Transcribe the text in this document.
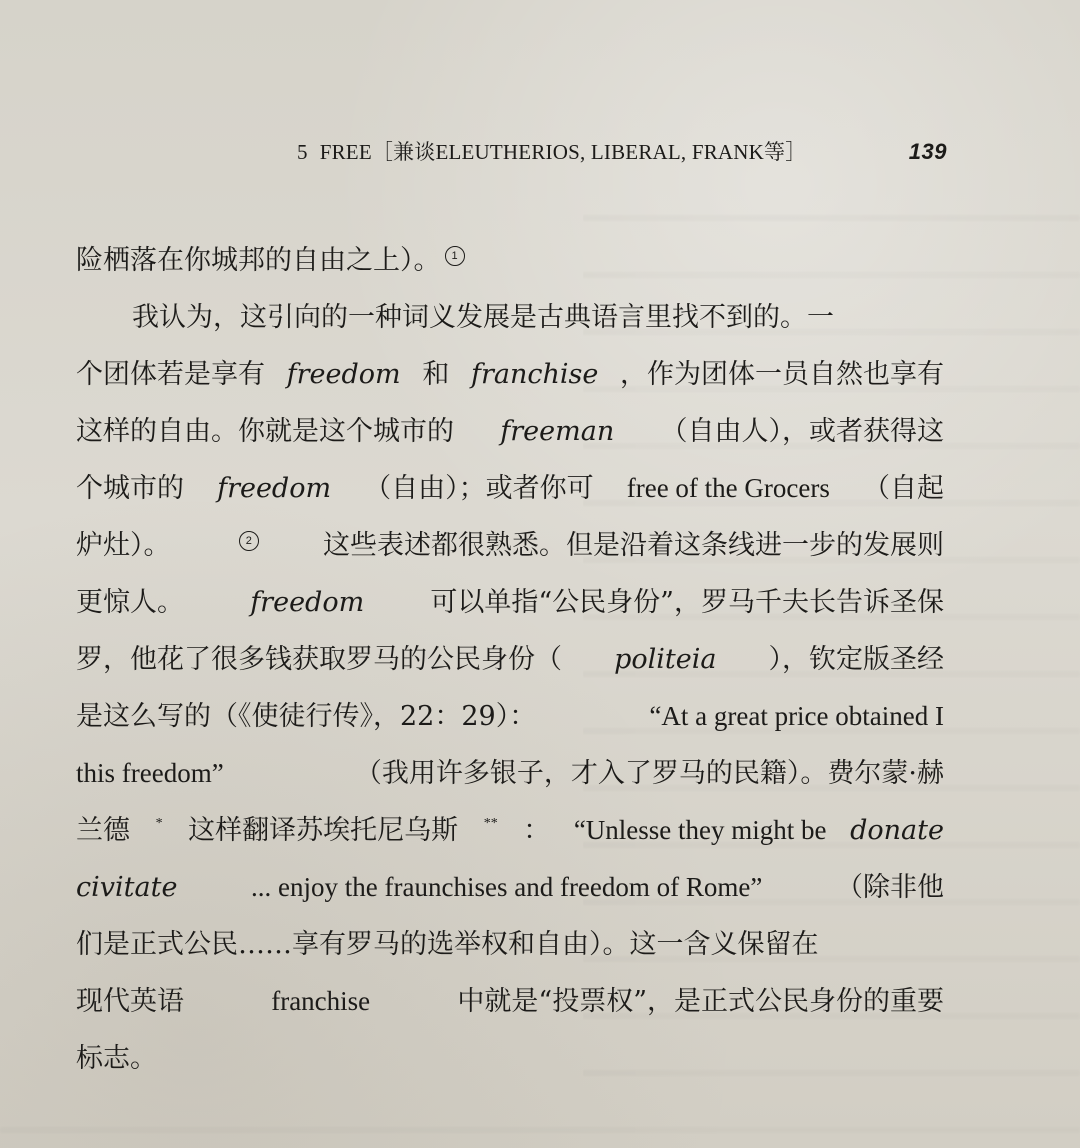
5 FREE［兼谈ELEUTHERIOS, LIBERAL, FRANK等］	139
险栖落在你城邦的自由之上）。 1
我认为，这引向的一种词义发展是古典语言里找不到的。一
个团体若是享有 freedom 和 franchise ，作为团体一员自然也享有
这样的自由。你就是这个城市的 freeman （自由人），或者获得这
个城市的 freedom （自由）；或者你可 free of the Grocers （自起
炉灶）。	2	这些表述都很熟悉。但是沿着这条线进一步的发展则
更惊人。 freedom 可以单指“公民身份”，罗马千夫长告诉圣保
罗，他花了很多钱获取罗马的公民身份（ politeia ），钦定版圣经
是这么写的（《使徒行传》，22：29）：	“At a great price obtained I
this freedom”	（我用许多银子，才入了罗马的民籍）。费尔蒙·赫
兰德 * 这样翻译苏埃托尼乌斯 ** ： “Unlesse they might be donate
civitate	... enjoy the fraunchises and freedom of Rome”	（除非他
们是正式公民……享有罗马的选举权和自由）。这一含义保留在
现代英语	franchise	中就是“投票权”，是正式公民身份的重要
标志。
